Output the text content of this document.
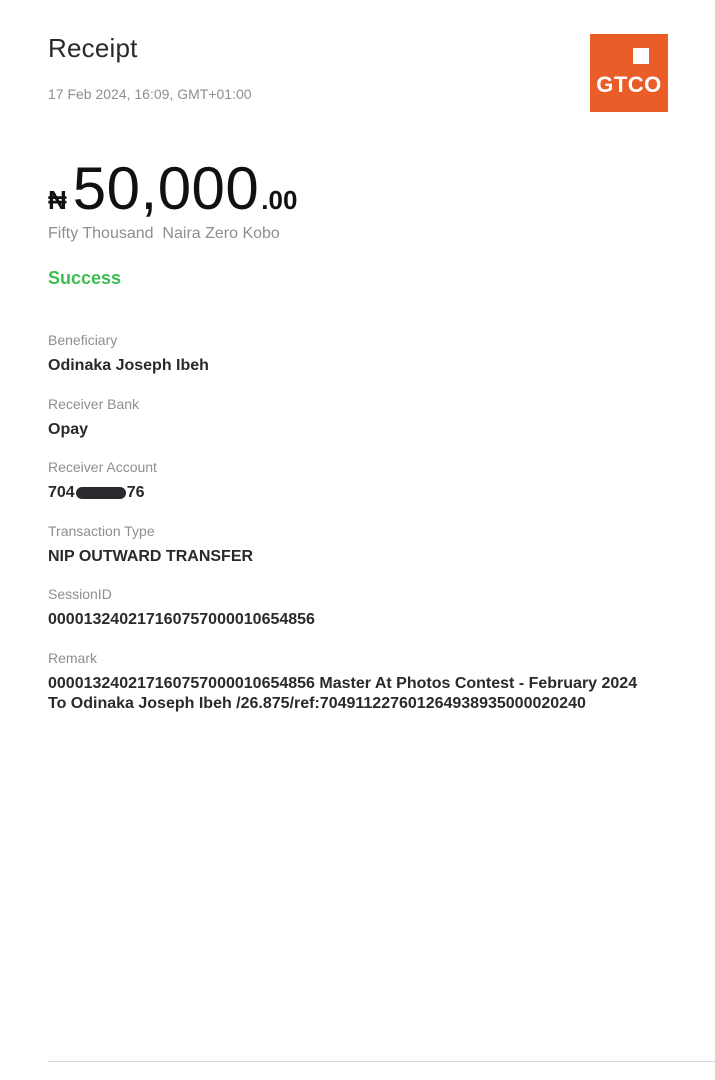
Receipt
17 Feb 2024, 16:09, GMT+01:00	GTCO
₦ 50,000 .00
Fifty Thousand  Naira Zero Kobo
Success
Beneficiary
Odinaka Joseph Ibeh
Receiver Bank
Opay
Receiver Account
704	76
Transaction Type
NIP OUTWARD TRANSFER
SessionID
000013240217160757000010654856
Remark
000013240217160757000010654856 Master At Photos Contest - February 2024
To Odinaka Joseph Ibeh /26.875/ref:704911227601264938935000020240
